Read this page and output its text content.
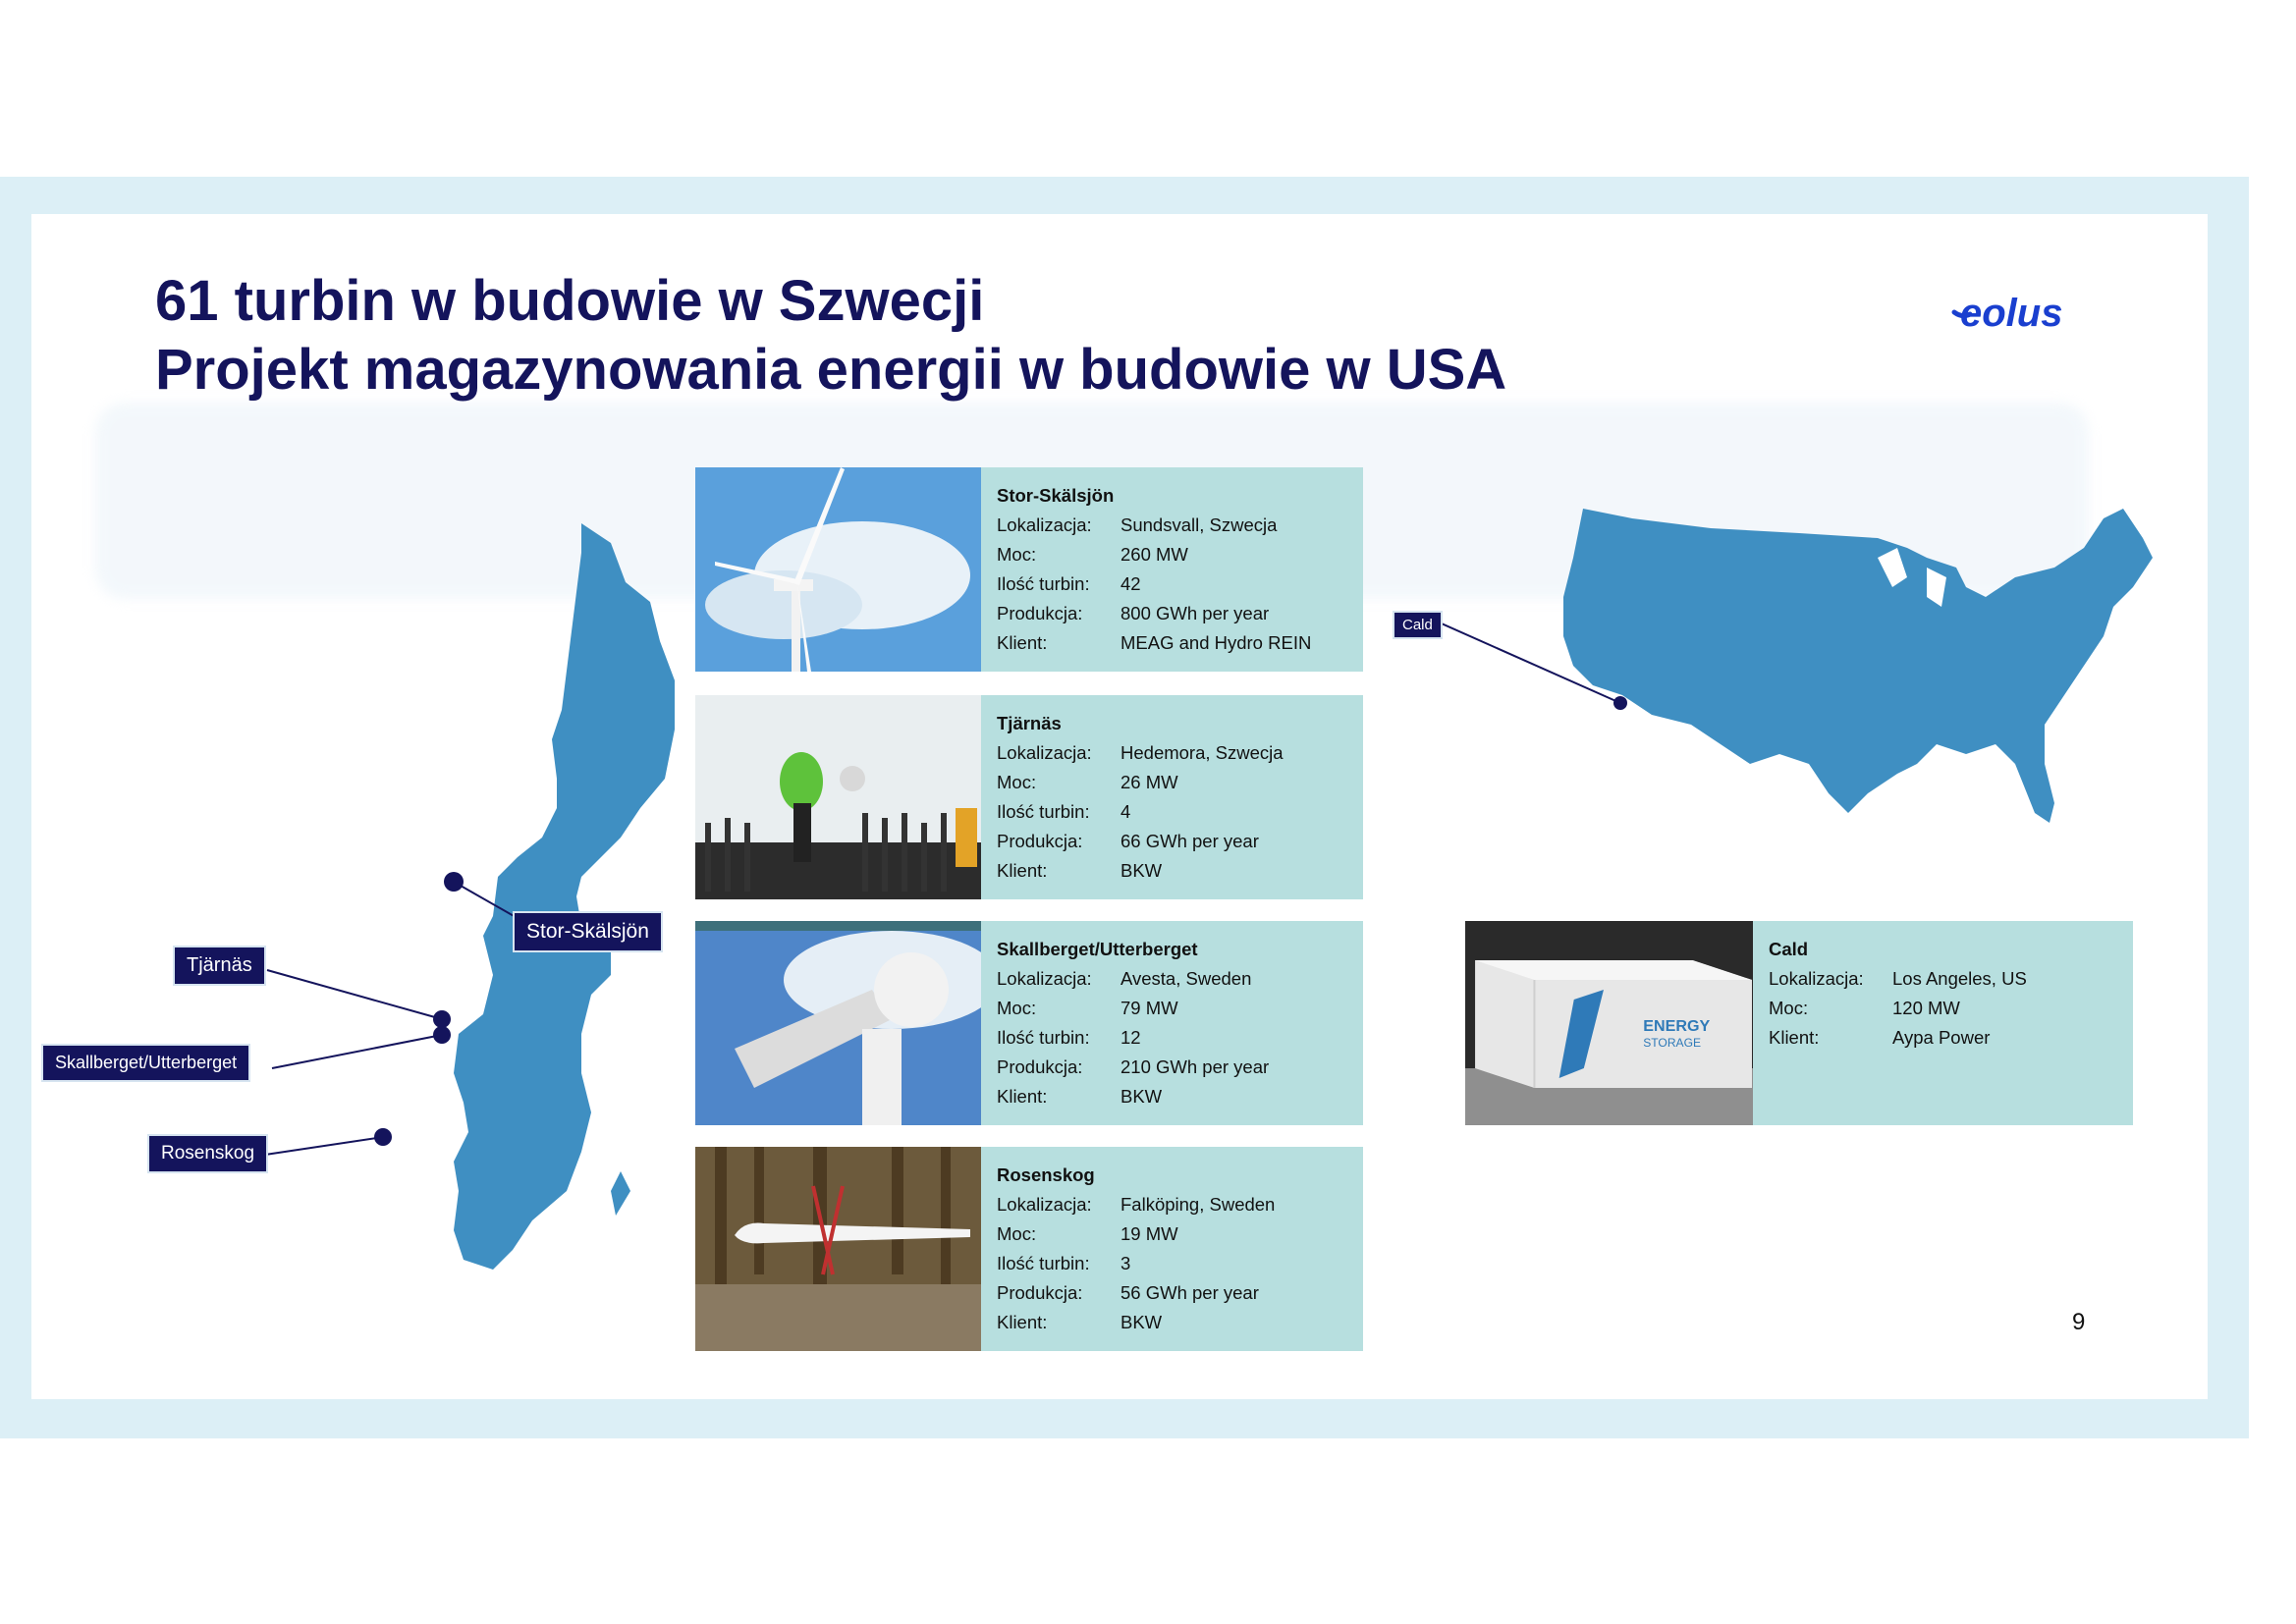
61 turbin w budowie w Szwecji
Projekt magazynowania energii w budowie w USA
eolus
Stor-Skälsjön
Tjärnäs
Skallberget/Utterberget
Rosenskog
Cald
Stor-Skälsjön
Lokalizacja:	Sundsvall, Szwecja
Moc:	260 MW
Ilość turbin:	42
Produkcja:	800 GWh per year
Klient:	MEAG and Hydro REIN
Tjärnäs
Lokalizacja:	Hedemora, Szwecja
Moc:	26 MW
Ilość turbin:	4
Produkcja:	66 GWh per year
Klient:	BKW
Skallberget/Utterberget
Lokalizacja:	Avesta, Sweden
Moc:	79 MW
Ilość turbin:	12
Produkcja:	210 GWh per year
Klient:	BKW
Rosenskog
Lokalizacja:	Falköping, Sweden
Moc:	19 MW
Ilość turbin:	3
Produkcja:	56 GWh per year
Klient:	BKW
ENERGY
STORAGE
Cald
Lokalizacja:	Los Angeles, US
Moc:	120 MW
Klient:	Aypa Power
9
